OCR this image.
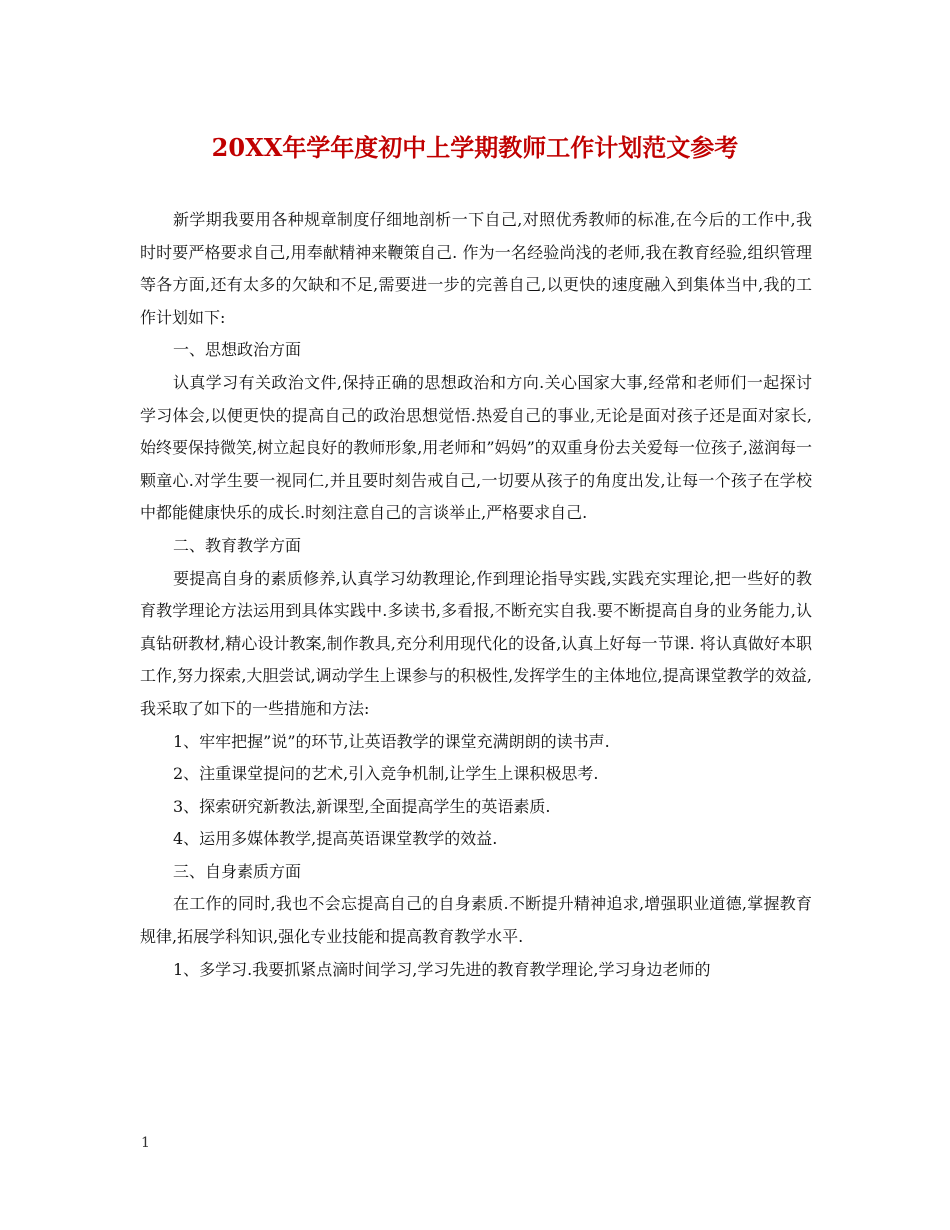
20XX年学年度初中上学期教师工作计划范文参考

新学期我要用各种规章制度仔细地剖析一下自己,对照优秀教师的标准,在今后的工作中,我时时要严格要求自己,用奉献精神来鞭策自己. 作为一名经验尚浅的老师,我在教育经验,组织管理等各方面,还有太多的欠缺和不足,需要进一步的完善自己,以更快的速度融入到集体当中,我的工作计划如下:

一、思想政治方面

认真学习有关政治文件,保持正确的思想政治和方向.关心国家大事,经常和老师们一起探讨学习体会,以便更快的提高自己的政治思想觉悟.热爱自己的事业,无论是面对孩子还是面对家长,始终要保持微笑,树立起良好的教师形象,用老师和”妈妈”的双重身份去关爱每一位孩子,滋润每一颗童心.对学生要一视同仁,并且要时刻告戒自己,一切要从孩子的角度出发,让每一个孩子在学校中都能健康快乐的成长.时刻注意自己的言谈举止,严格要求自己.

二、教育教学方面

要提高自身的素质修养,认真学习幼教理论,作到理论指导实践,实践充实理论,把一些好的教育教学理论方法运用到具体实践中.多读书,多看报,不断充实自我.要不断提高自身的业务能力,认真钻研教材,精心设计教案,制作教具,充分利用现代化的设备,认真上好每一节课. 将认真做好本职工作,努力探索,大胆尝试,调动学生上课参与的积极性,发挥学生的主体地位,提高课堂教学的效益,我采取了如下的一些措施和方法:

1、牢牢把握”说”的环节,让英语教学的课堂充满朗朗的读书声.

2、注重课堂提问的艺术,引入竞争机制,让学生上课积极思考.

3、探索研究新教法,新课型,全面提高学生的英语素质.

4、运用多媒体教学,提高英语课堂教学的效益.

三、自身素质方面

在工作的同时,我也不会忘提高自己的自身素质.不断提升精神追求,增强职业道德,掌握教育规律,拓展学科知识,强化专业技能和提高教育教学水平.

1、多学习.我要抓紧点滴时间学习,学习先进的教育教学理论,学习身边老师的

1
